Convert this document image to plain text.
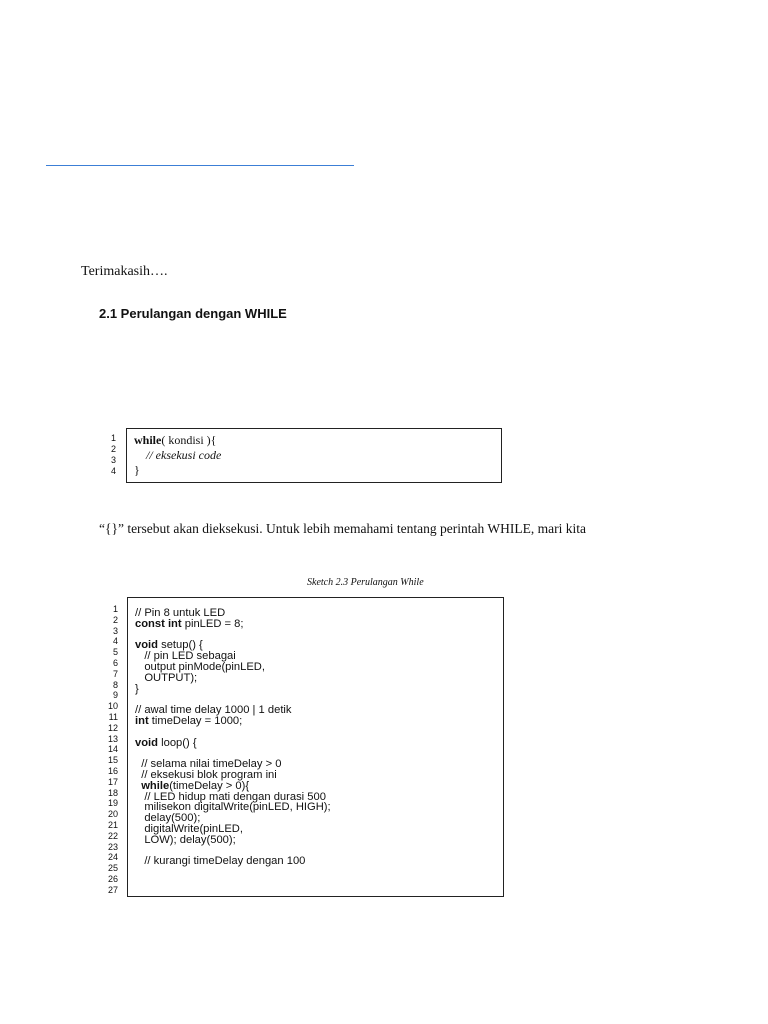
Terimakasih….
2.1 Perulangan dengan WHILE
1
2
3
4
while( kondisi ){
// eksekusi code
}
“{}” tersebut akan dieksekusi. Untuk lebih memahami tentang perintah WHILE, mari kita
Sketch 2.3 Perulangan While
1
2
3
4
5
6
7
8
9
10
11
12
13
14
15
16
17
18
19
20
21
22
23
24
25
26
27
// Pin 8 untuk LED
const int pinLED = 8;
void setup() {
// pin LED sebagai
output pinMode(pinLED,
OUTPUT);
}
// awal time delay 1000 | 1 detik
int timeDelay = 1000;
void loop() {
// selama nilai timeDelay > 0
// eksekusi blok program ini
while(timeDelay > 0){
// LED hidup mati dengan durasi 500
milisekon digitalWrite(pinLED, HIGH);
delay(500);
digitalWrite(pinLED,
LOW); delay(500);
// kurangi timeDelay dengan 100
